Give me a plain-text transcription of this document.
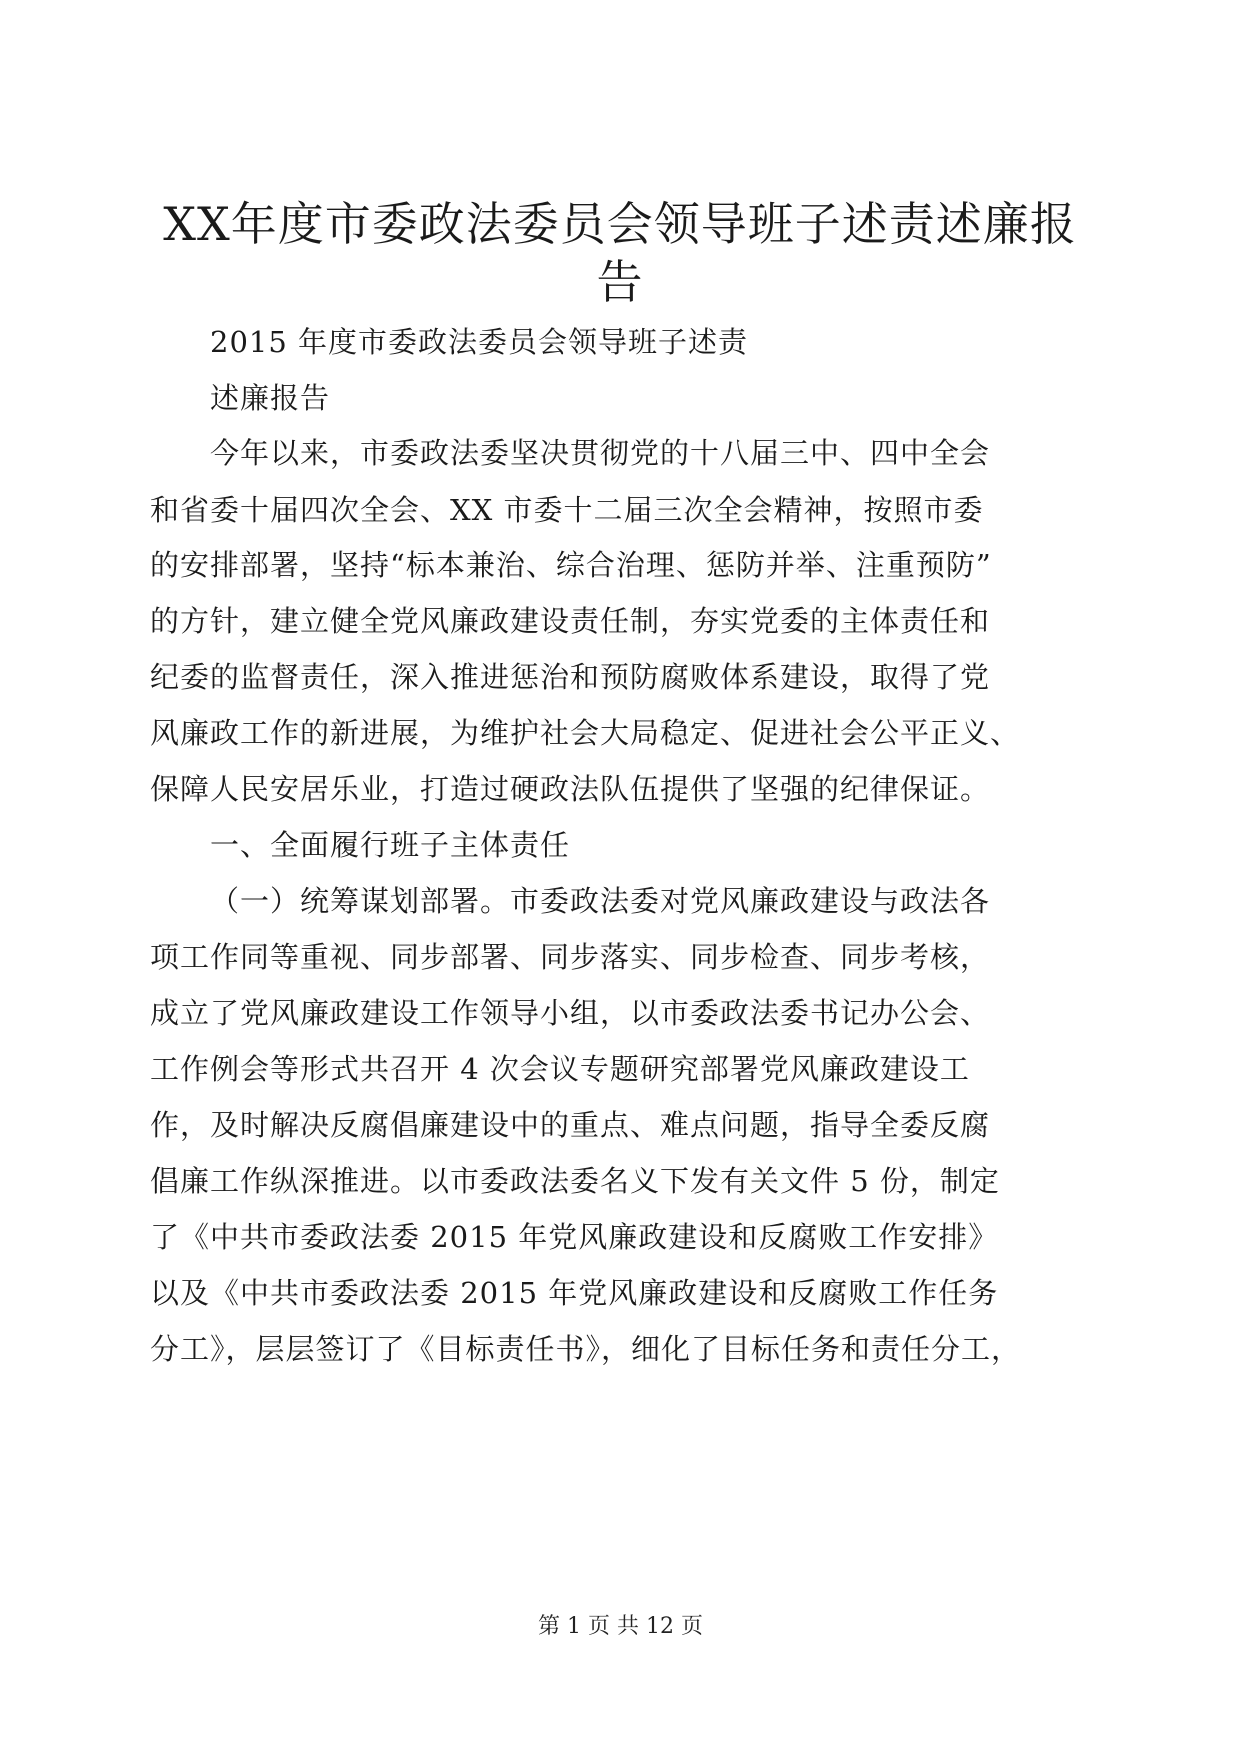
XX年度市委政法委员会领导班子述责述廉报
告
2015 年度市委政法委员会领导班子述责
述廉报告
今年以来，市委政法委坚决贯彻党的十八届三中、四中全会
和省委十届四次全会、XX 市委十二届三次全会精神，按照市委
的安排部署，坚持“标本兼治、综合治理、惩防并举、注重预防”
的方针，建立健全党风廉政建设责任制，夯实党委的主体责任和
纪委的监督责任，深入推进惩治和预防腐败体系建设，取得了党
风廉政工作的新进展，为维护社会大局稳定、促进社会公平正义、
保障人民安居乐业，打造过硬政法队伍提供了坚强的纪律保证。
一、全面履行班子主体责任
（一）统筹谋划部署。市委政法委对党风廉政建设与政法各
项工作同等重视、同步部署、同步落实、同步检查、同步考核，
成立了党风廉政建设工作领导小组，以市委政法委书记办公会、
工作例会等形式共召开 4 次会议专题研究部署党风廉政建设工
作，及时解决反腐倡廉建设中的重点、难点问题，指导全委反腐
倡廉工作纵深推进。以市委政法委名义下发有关文件 5 份，制定
了《中共市委政法委 2015 年党风廉政建设和反腐败工作安排》
以及《中共市委政法委 2015 年党风廉政建设和反腐败工作任务
分工》，层层签订了《目标责任书》，细化了目标任务和责任分工，
第 1 页 共 12 页
